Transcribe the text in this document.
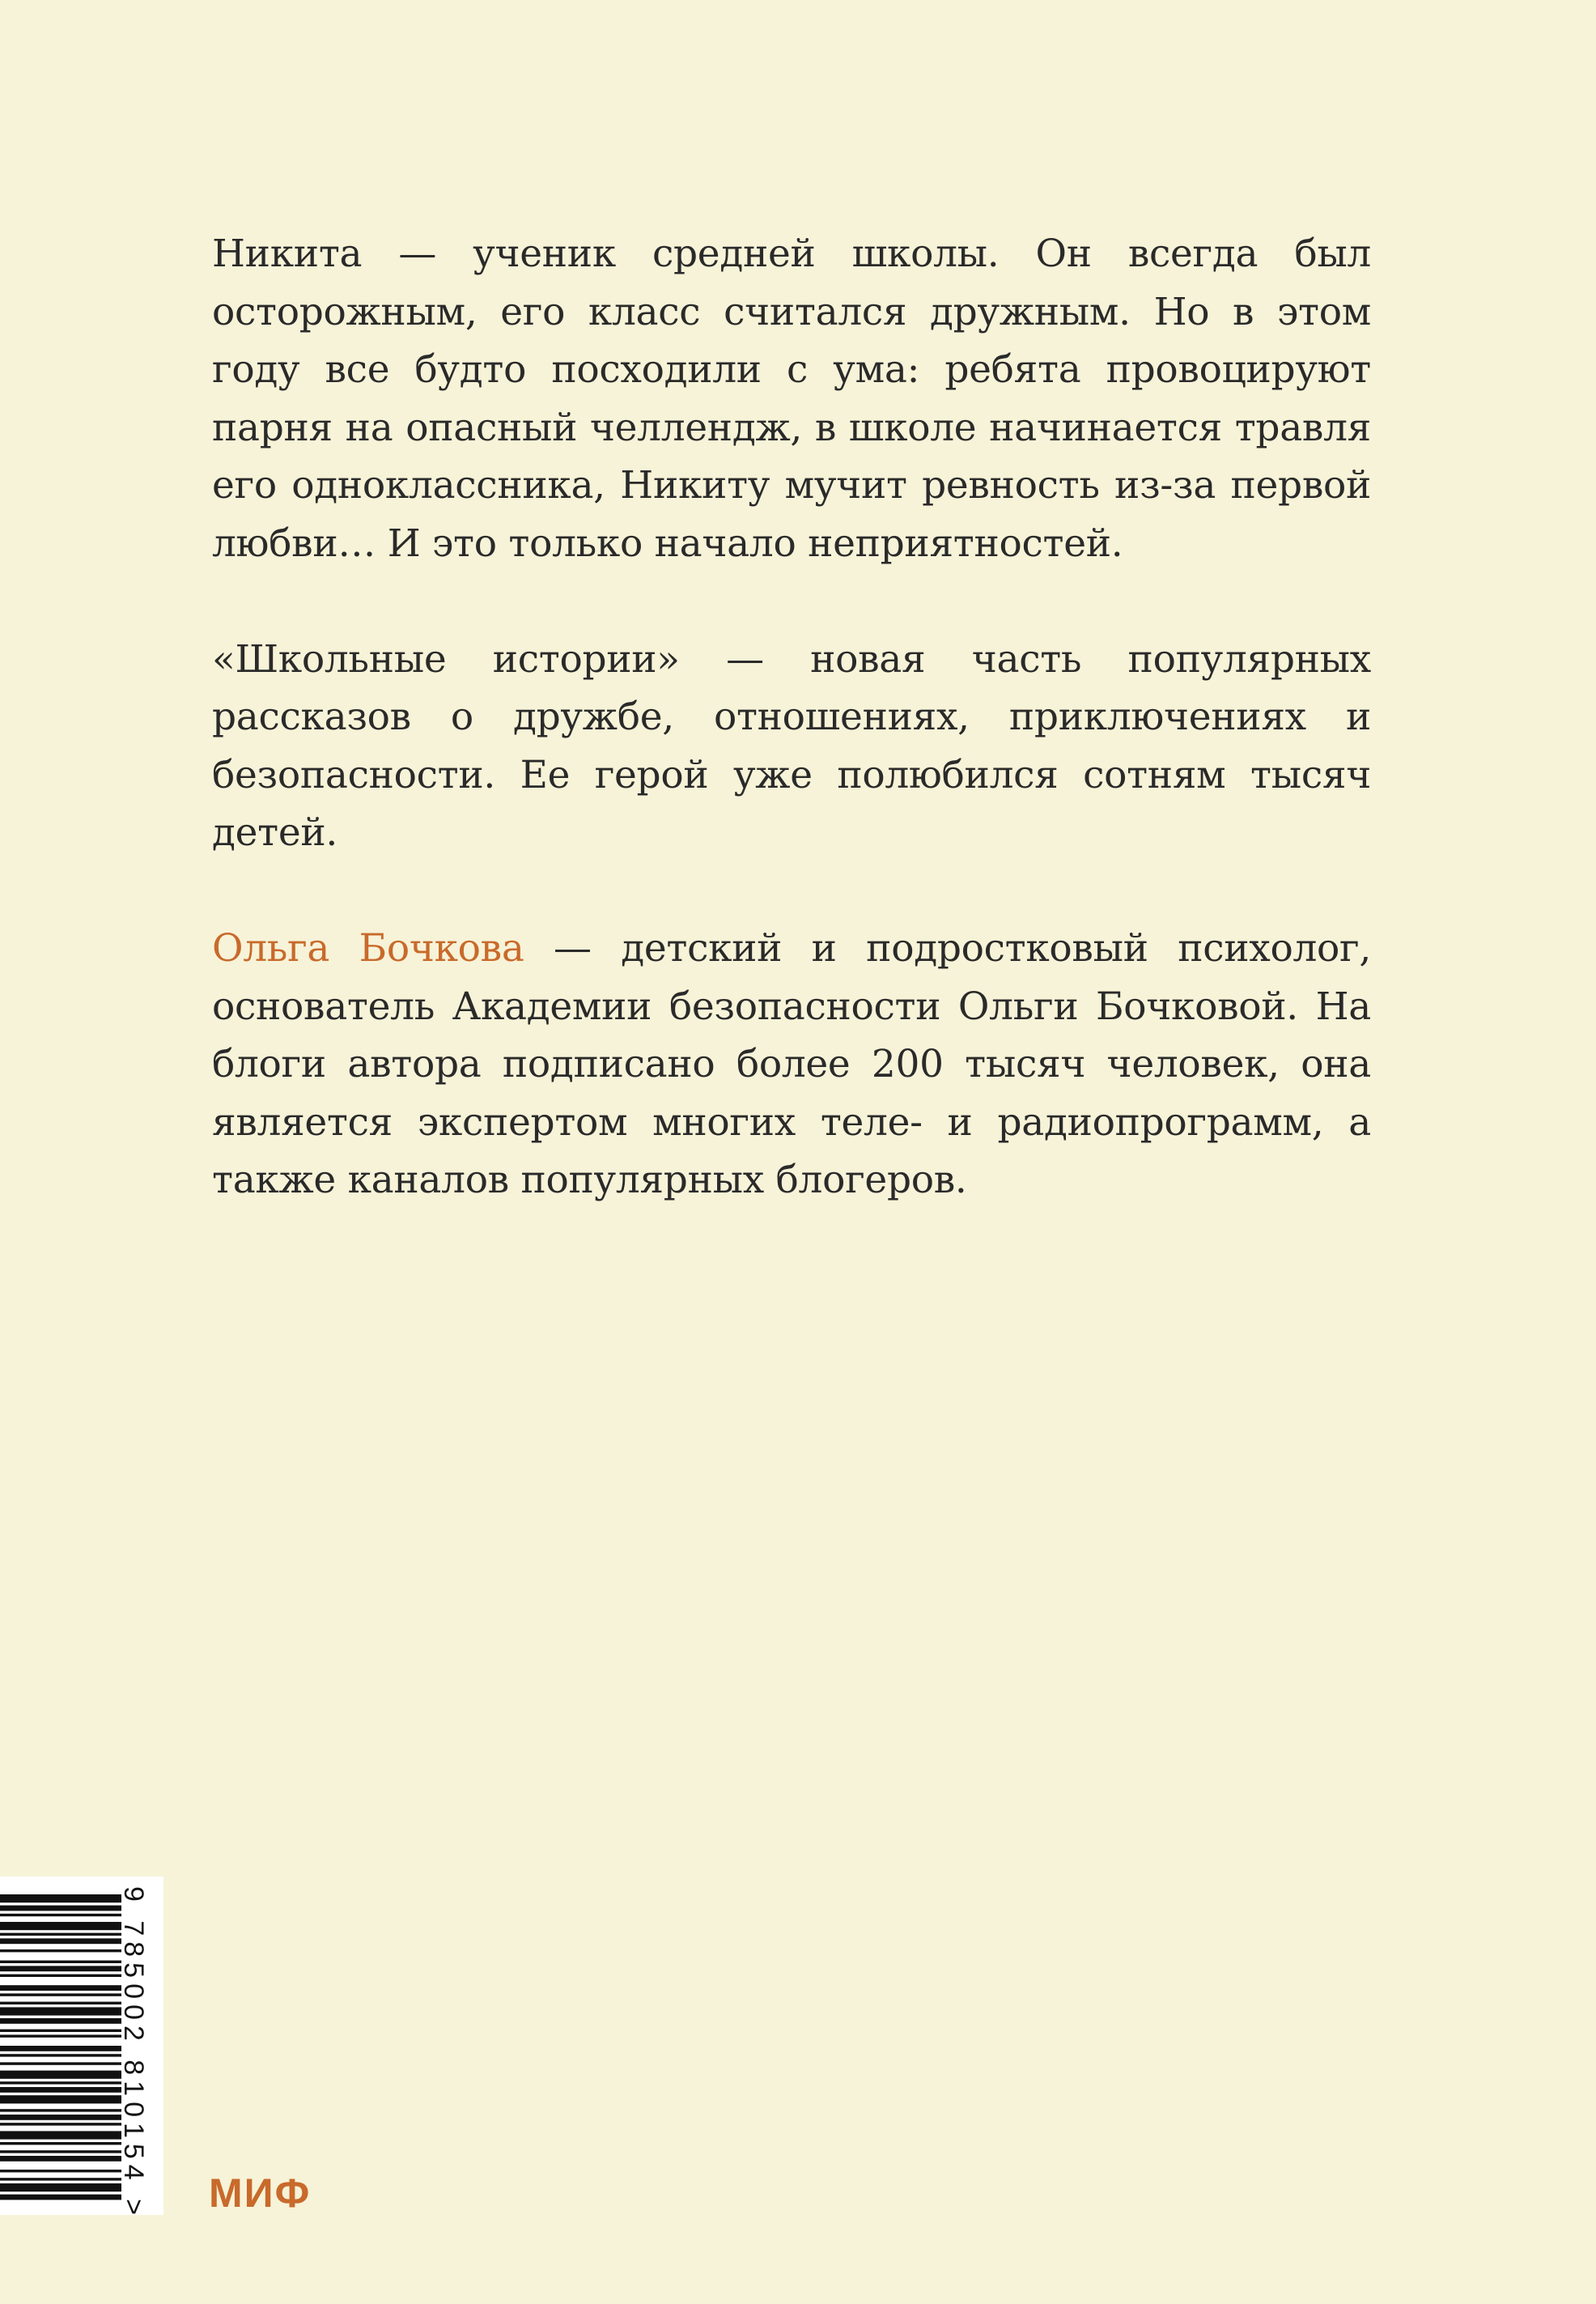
Никита — ученик средней школы. Он всегда был осторожным, его класс считался дружным. Но в этом году все будто посходили с ума: ребята провоцируют парня на опасный челлендж, в школе начинается травля его одноклассника, Никиту мучит ревность из-за первой любви… И это только начало неприятностей.

«Школьные истории» — новая часть популярных рассказов о дружбе, отношениях, приключениях и безопасности. Ее герой уже полюбился сотням тысяч детей.

Ольга Бочкова — детский и подростковый психолог, основатель Академии безопасности Ольги Бочковой. На блоги автора подписано более 200 тысяч человек, она является экспертом многих теле- и радиопрограмм, а также каналов популярных блогеров.

9 785002 810154 > МИФ
